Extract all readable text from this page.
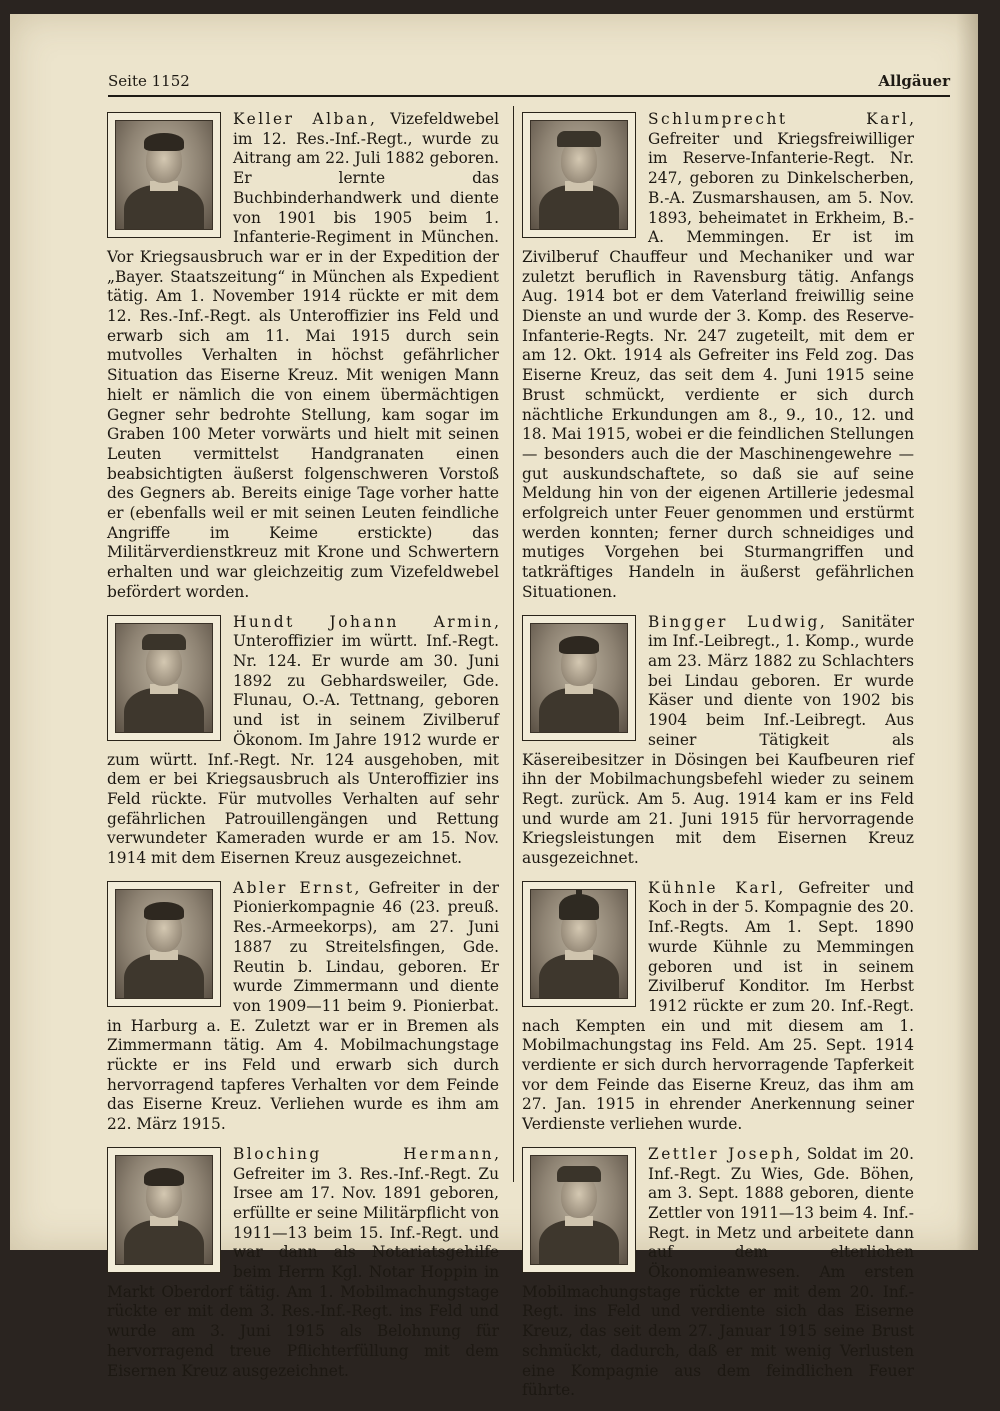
Seite 1152	Allgäuer

Keller Alban, Vizefeldwebel im 12. Res.-Inf.-Regt., wurde zu Aitrang am 22. Juli 1882 geboren. Er lernte das Buchbinderhandwerk und diente von 1901 bis 1905 beim 1. Infanterie-Regiment in München. Vor Kriegsausbruch war er in der Expedition der „Bayer. Staatszeitung“ in München als Expedient tätig. Am 1. November 1914 rückte er mit dem 12. Res.-Inf.-Regt. als Unteroffizier ins Feld und erwarb sich am 11. Mai 1915 durch sein mutvolles Verhalten in höchst gefährlicher Situation das Eiserne Kreuz. Mit wenigen Mann hielt er nämlich die von einem übermächtigen Gegner sehr bedrohte Stellung, kam sogar im Graben 100 Meter vorwärts und hielt mit seinen Leuten vermittelst Handgranaten einen beabsichtigten äußerst folgenschweren Vorstoß des Gegners ab. Bereits einige Tage vorher hatte er (ebenfalls weil er mit seinen Leuten feindliche Angriffe im Keime erstickte) das Militärverdienstkreuz mit Krone und Schwertern erhalten und war gleichzeitig zum Vizefeldwebel befördert worden.

Hundt Johann Armin, Unteroffizier im württ. Inf.-Regt. Nr. 124. Er wurde am 30. Juni 1892 zu Gebhardsweiler, Gde. Flunau, O.-A. Tettnang, geboren und ist in seinem Zivilberuf Ökonom. Im Jahre 1912 wurde er zum württ. Inf.-Regt. Nr. 124 ausgehoben, mit dem er bei Kriegsausbruch als Unteroffizier ins Feld rückte. Für mutvolles Verhalten auf sehr gefährlichen Patrouillengängen und Rettung verwundeter Kameraden wurde er am 15. Nov. 1914 mit dem Eisernen Kreuz ausgezeichnet.

Abler Ernst, Gefreiter in der Pionierkompagnie 46 (23. preuß. Res.-Armeekorps), am 27. Juni 1887 zu Streitelsfingen, Gde. Reutin b. Lindau, geboren. Er wurde Zimmermann und diente von 1909—11 beim 9. Pionierbat. in Harburg a. E. Zuletzt war er in Bremen als Zimmermann tätig. Am 4. Mobilmachungstage rückte er ins Feld und erwarb sich durch hervorragend tapferes Verhalten vor dem Feinde das Eiserne Kreuz. Verliehen wurde es ihm am 22. März 1915.

Bloching Hermann, Gefreiter im 3. Res.-Inf.-Regt. Zu Irsee am 17. Nov. 1891 geboren, erfüllte er seine Militärpflicht von 1911—13 beim 15. Inf.-Regt. und war dann als Notariatsgehilfe beim Herrn Kgl. Notar Hoppin in Markt Oberdorf tätig. Am 1. Mobilmachungstage rückte er mit dem 3. Res.-Inf.-Regt. ins Feld und wurde am 3. Juni 1915 als Belohnung für hervorragend treue Pflichterfüllung mit dem Eisernen Kreuz ausgezeichnet.

Schlumprecht Karl, Gefreiter und Kriegsfreiwilliger im Reserve-Infanterie-Regt. Nr. 247, geboren zu Dinkelscherben, B.-A. Zusmarshausen, am 5. Nov. 1893, beheimatet in Erkheim, B.-A. Memmingen. Er ist im Zivilberuf Chauffeur und Mechaniker und war zuletzt beruflich in Ravensburg tätig. Anfangs Aug. 1914 bot er dem Vaterland freiwillig seine Dienste an und wurde der 3. Komp. des Reserve-Infanterie-Regts. Nr. 247 zugeteilt, mit dem er am 12. Okt. 1914 als Gefreiter ins Feld zog. Das Eiserne Kreuz, das seit dem 4. Juni 1915 seine Brust schmückt, verdiente er sich durch nächtliche Erkundungen am 8., 9., 10., 12. und 18. Mai 1915, wobei er die feindlichen Stellungen — besonders auch die der Maschinengewehre — gut auskundschaftete, so daß sie auf seine Meldung hin von der eigenen Artillerie jedesmal erfolgreich unter Feuer genommen und erstürmt werden konnten; ferner durch schneidiges und mutiges Vorgehen bei Sturmangriffen und tatkräftiges Handeln in äußerst gefährlichen Situationen.

Bingger Ludwig, Sanitäter im Inf.-Leibregt., 1. Komp., wurde am 23. März 1882 zu Schlachters bei Lindau geboren. Er wurde Käser und diente von 1902 bis 1904 beim Inf.-Leibregt. Aus seiner Tätigkeit als Käsereibesitzer in Dösingen bei Kaufbeuren rief ihn der Mobilmachungsbefehl wieder zu seinem Regt. zurück. Am 5. Aug. 1914 kam er ins Feld und wurde am 21. Juni 1915 für hervorragende Kriegsleistungen mit dem Eisernen Kreuz ausgezeichnet.

Kühnle Karl, Gefreiter und Koch in der 5. Kompagnie des 20. Inf.-Regts. Am 1. Sept. 1890 wurde Kühnle zu Memmingen geboren und ist in seinem Zivilberuf Konditor. Im Herbst 1912 rückte er zum 20. Inf.-Regt. nach Kempten ein und mit diesem am 1. Mobilmachungstag ins Feld. Am 25. Sept. 1914 verdiente er sich durch hervorragende Tapferkeit vor dem Feinde das Eiserne Kreuz, das ihm am 27. Jan. 1915 in ehrender Anerkennung seiner Verdienste verliehen wurde.

Zettler Joseph, Soldat im 20. Inf.-Regt. Zu Wies, Gde. Böhen, am 3. Sept. 1888 geboren, diente Zettler von 1911—13 beim 4. Inf.-Regt. in Metz und arbeitete dann auf dem elterlichen Ökonomieanwesen. Am ersten Mobilmachungstage rückte er mit dem 20. Inf.-Regt. ins Feld und verdiente sich das Eiserne Kreuz, das seit dem 27. Januar 1915 seine Brust schmückt, dadurch, daß er mit wenig Verlusten eine Kompagnie aus dem feindlichen Feuer führte.
